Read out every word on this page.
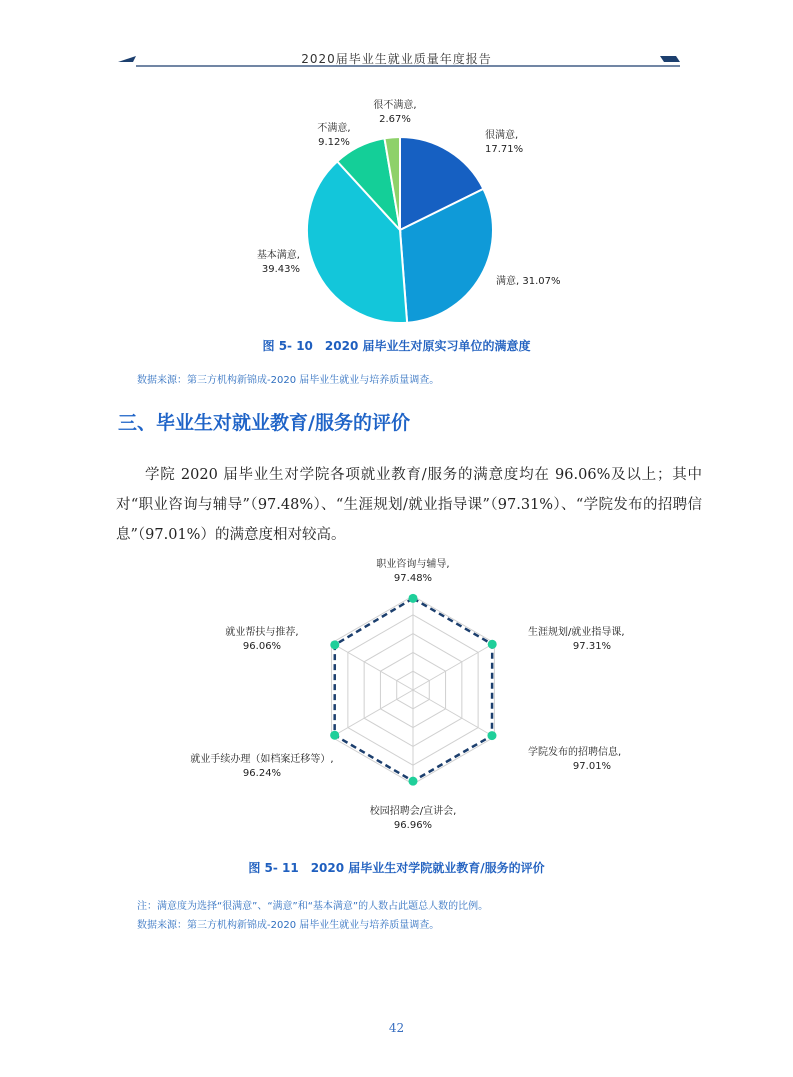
2020届毕业生就业质量年度报告
很满意,
17.71%
满意, 31.07%
基本满意,
39.43%
不满意,
9.12%
很不满意,
2.67%
图 5- 10　2020 届毕业生对原实习单位的满意度
数据来源：第三方机构新锦成-2020 届毕业生就业与培养质量调查。
三、毕业生对就业教育/服务的评价
学院 2020 届毕业生对学院各项就业教育/服务的满意度均在 96.06%及以上；其中对“职业咨询与辅导”（97.48%）、“生涯规划/就业指导课”（97.31%）、“学院发布的招聘信息”（97.01%）的满意度相对较高。
职业咨询与辅导,
97.48%
生涯规划/就业指导课,
97.31%
学院发布的招聘信息,
97.01%
校园招聘会/宣讲会,
96.96%
就业手续办理（如档案迁移等）,
96.24%
就业帮扶与推荐,
96.06%
图 5- 11　2020 届毕业生对学院就业教育/服务的评价
注：满意度为选择“很满意”、“满意”和“基本满意”的人数占此题总人数的比例。
数据来源：第三方机构新锦成-2020 届毕业生就业与培养质量调查。
42
